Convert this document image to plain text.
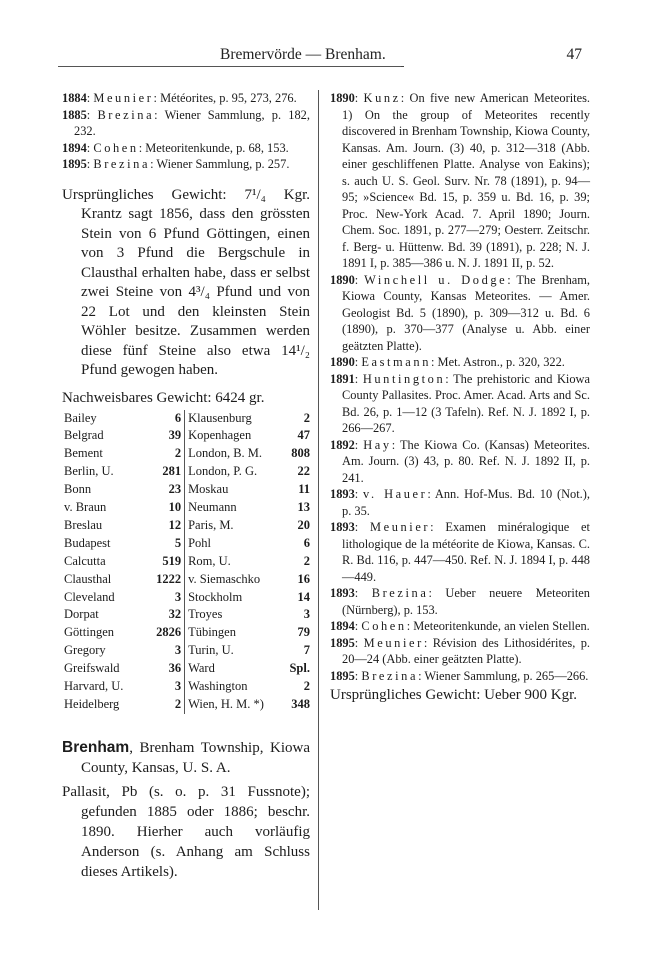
Bremervörde — Brenham.	47
1884: Meunier: Météorites, p. 95, 273, 276.
1885: Brezina: Wiener Sammlung, p. 182, 232.
1894: Cohen: Meteoritenkunde, p. 68, 153.
1895: Brezina: Wiener Sammlung, p. 257.
Ursprüngliches Gewicht: 7¹/₄ Kgr. Krantz sagt 1856, dass den grössten Stein von 6 Pfund Göttingen, einen von 3 Pfund die Bergschule in Clausthal erhalten habe, dass er selbst zwei Steine von 4³/₄ Pfund und von 22 Lot und den kleinsten Stein Wöhler besitze. Zusammen werden diese fünf Steine also etwa 14¹/₂ Pfund gewogen haben.
Nachweisbares Gewicht: 6424 gr.
Bailey	6	Klausenburg	2
Belgrad	39	Kopenhagen	47
Bement	2	London, B. M.	808
Berlin, U.	281	London, P. G.	22
Bonn	23	Moskau	11
v. Braun	10	Neumann	13
Breslau	12	Paris, M.	20
Budapest	5	Pohl	6
Calcutta	519	Rom, U.	2
Clausthal	1222	v. Siemaschko	16
Cleveland	3	Stockholm	14
Dorpat	32	Troyes	3
Göttingen	2826	Tübingen	79
Gregory	3	Turin, U.	7
Greifswald	36	Ward	Spl.
Harvard, U.	3	Washington	2
Heidelberg	2	Wien, H. M. *)	348
Brenham, Brenham Township, Kiowa County, Kansas, U. S. A.
Pallasit, Pb (s. o. p. 31 Fussnote); gefunden 1885 oder 1886; beschr. 1890. Hierher auch vorläufig Anderson (s. Anhang am Schluss dieses Artikels).
1890: Kunz: On five new American Meteorites. 1) On the group of Meteorites recently discovered in Brenham Township, Kiowa County, Kansas. Am. Journ. (3) 40, p. 312—318 (Abb. einer geschliffenen Platte. Analyse von Eakins); s. auch U. S. Geol. Surv. Nr. 78 (1891), p. 94—95; »Science« Bd. 15, p. 359 u. Bd. 16, p. 39; Proc. New-York Acad. 7. April 1890; Journ. Chem. Soc. 1891, p. 277—279; Oesterr. Zeitschr. f. Berg- u. Hüttenw. Bd. 39 (1891), p. 228; N. J. 1891 I, p. 385—386 u. N. J. 1891 II, p. 52.
1890: Winchell u. Dodge: The Brenham, Kiowa County, Kansas Meteorites. — Amer. Geologist Bd. 5 (1890), p. 309—312 u. Bd. 6 (1890), p. 370—377 (Analyse u. Abb. einer geätzten Platte).
1890: Eastmann: Met. Astron., p. 320, 322.
1891: Huntington: The prehistoric and Kiowa County Pallasites. Proc. Amer. Acad. Arts and Sc. Bd. 26, p. 1—12 (3 Tafeln). Ref. N. J. 1892 I, p. 266—267.
1892: Hay: The Kiowa Co. (Kansas) Meteorites. Am. Journ. (3) 43, p. 80. Ref. N. J. 1892 II, p. 241.
1893: v. Hauer: Ann. Hof-Mus. Bd. 10 (Not.), p. 35.
1893: Meunier: Examen minéralogique et lithologique de la météorite de Kiowa, Kansas. C. R. Bd. 116, p. 447—450. Ref. N. J. 1894 I, p. 448—449.
1893: Brezina: Ueber neuere Meteoriten (Nürnberg), p. 153.
1894: Cohen: Meteoritenkunde, an vielen Stellen.
1895: Meunier: Révision des Lithosidérites, p. 20—24 (Abb. einer geätzten Platte).
1895: Brezina: Wiener Sammlung, p. 265—266.
Ursprüngliches Gewicht: Ueber 900 Kgr.
